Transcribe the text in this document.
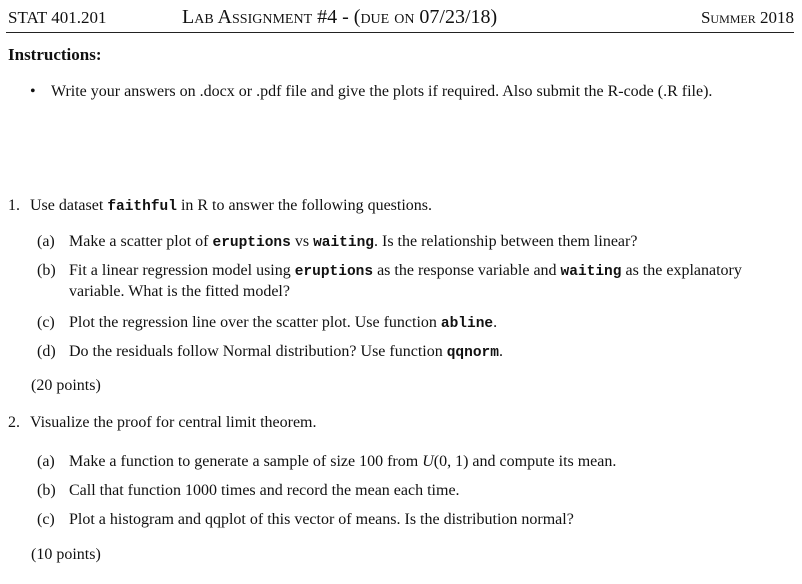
STAT 401.201	Lab Assignment #4 - (due on 07/23/18)	Summer 2018
Instructions:
• Write your answers on .docx or .pdf file and give the plots if required. Also submit the R-code (.R file).
1. Use dataset faithful in R to answer the following questions.
(a) Make a scatter plot of eruptions vs waiting. Is the relationship between them linear?
(b) Fit a linear regression model using eruptions as the response variable and waiting as the explanatory variable. What is the fitted model?
(c) Plot the regression line over the scatter plot. Use function abline.
(d) Do the residuals follow Normal distribution? Use function qqnorm.
(20 points)
2. Visualize the proof for central limit theorem.
(a) Make a function to generate a sample of size 100 from U(0, 1) and compute its mean.
(b) Call that function 1000 times and record the mean each time.
(c) Plot a histogram and qqplot of this vector of means. Is the distribution normal?
(10 points)
